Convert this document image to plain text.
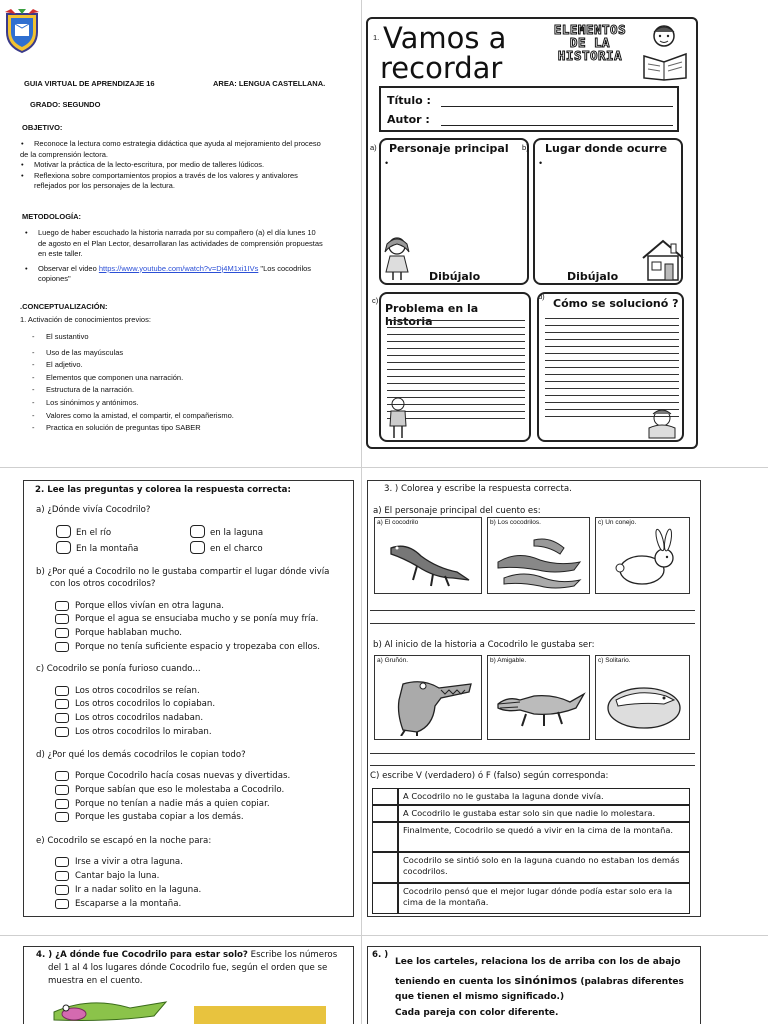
GUIA VIRTUAL DE APRENDIZAJE 16	AREA: LENGUA CASTELLANA.
GRADO: SEGUNDO
OBJETIVO:
• Reconoce la lectura como estrategia didáctica que ayuda al mejoramiento del proceso
de la comprensión lectora.
• Motivar la práctica de la lecto-escritura, por medio de talleres lúdicos.
• Reflexiona sobre comportamientos propios a través de los valores y antivalores
reflejados por los personajes de la lectura.
METODOLOGÍA:
• Luego de haber escuchado la historia narrada por su compañero (a) el día lunes 10
de agosto en el Plan Lector, desarrollaran las actividades de comprensión propuestas
en este taller.
• Observar el video https://www.youtube.com/watch?v=Dj4M1xi1IVs "Los cocodrilos
copiones"
.CONCEPTUALIZACIÓN:
1. Activación de conocimientos previos:
- El sustantivo
- Uso de las mayúsculas
- El adjetivo.
- Elementos que componen una narración.
- Estructura de la narración.
- Los sinónimos y antónimos.
- Valores como la amistad, el compartir, el compañerismo.
- Practica en solución de preguntas tipo SABER
1. Vamos a
recordar
ELEMENTOS
DE LA
HISTORIA
Título :
Autor :
a) Personaje principal
•
Dibújalo
b) Lugar donde ocurre
•
Dibújalo
c)
Problema en la historia
d)
Cómo se solucionó ?
2. Lee las preguntas y colorea la respuesta correcta:
a) ¿Dónde vivía Cocodrilo?
En el río
En la montaña
en la laguna
en el charco
b) ¿Por qué a Cocodrilo no le gustaba compartir el lugar dónde vivía
con los otros cocodrilos?
Porque ellos vivían en otra laguna.
Porque el agua se ensuciaba mucho y se ponía muy fría.
Porque hablaban mucho.
Porque no tenía suficiente espacio y tropezaba con ellos.
c) Cocodrilo se ponía furioso cuando...
Los otros cocodrilos se reían.
Los otros cocodrilos lo copiaban.
Los otros cocodrilos nadaban.
Los otros cocodrilos lo miraban.
d) ¿Por qué los demás cocodrilos le copian todo?
Porque Cocodrilo hacía cosas nuevas y divertidas.
Porque sabían que eso le molestaba a Cocodrilo.
Porque no tenían a nadie más a quien copiar.
Porque les gustaba copiar a los demás.
e) Cocodrilo se escapó en la noche para:
Irse a vivir a otra laguna.
Cantar bajo la luna.
Ir a nadar solito en la laguna.
Escaparse a la montaña.
3. ) Colorea y escribe la respuesta correcta.
a) El personaje principal del cuento es:
a) El cocodrilo	b) Los cocodrilos.	c) Un conejo.
b) Al inicio de la historia a Cocodrilo le gustaba ser:
a) Gruñón.	b) Amigable.	c) Solitario.
C) escribe V (verdadero) ó F (falso) según corresponda:
A Cocodrilo no le gustaba la laguna donde vivía.
A Cocodrilo le gustaba estar solo sin que nadie lo molestara.
Finalmente, Cocodrilo se quedó a vivir en la cima de la montaña.
Cocodrilo se sintió solo en la laguna cuando no estaban los demás cocodrilos.
Cocodrilo pensó que el mejor lugar dónde podía estar solo era la cima de la montaña.
4. ) ¿A dónde fue Cocodrilo para estar solo? Escribe los números
del 1 al 4 los lugares dónde Cocodrilo fue, según el orden que se
muestra en el cuento.
6. )
Lee los carteles, relaciona los de arriba con los de abajo
teniendo en cuenta los sinónimos (palabras diferentes
que tienen el mismo significado.)
Cada pareja con color diferente.
